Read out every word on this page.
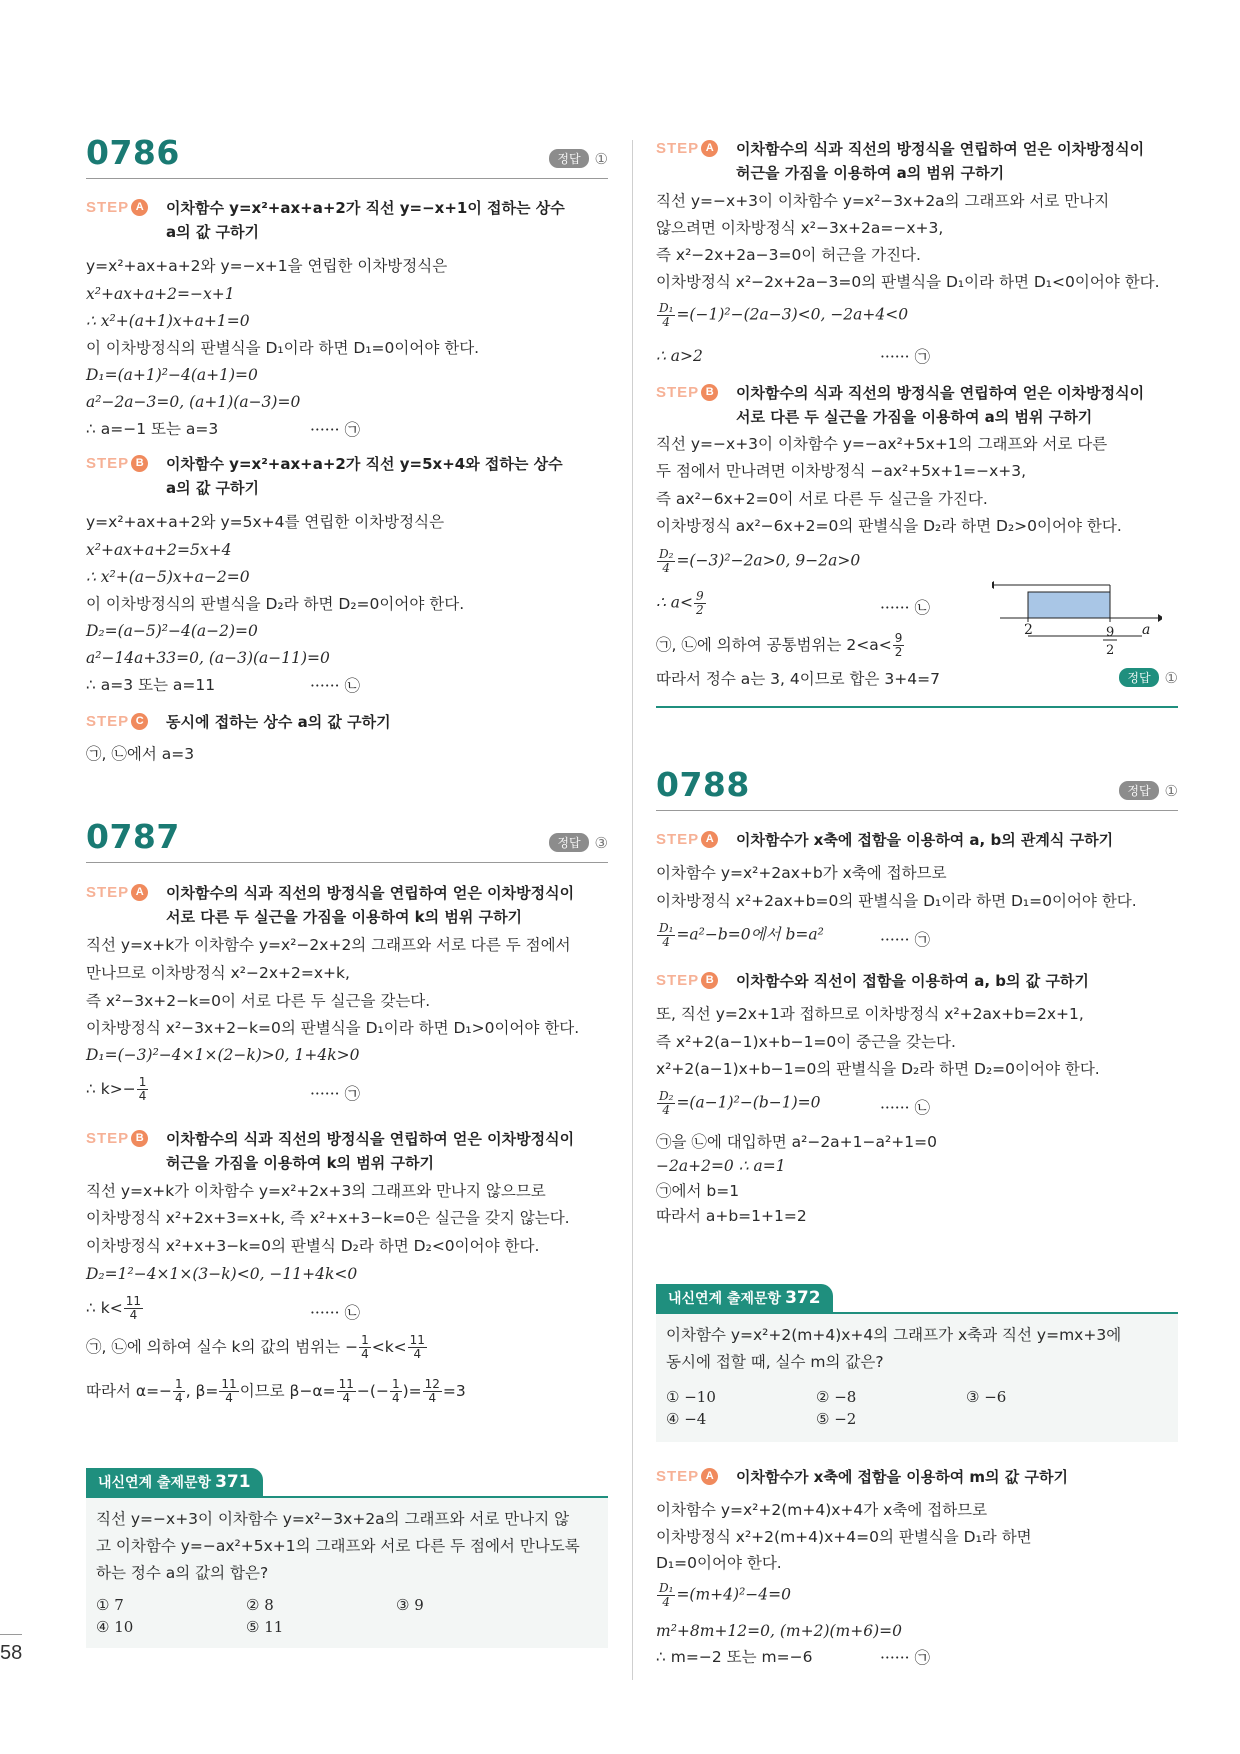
58
0786	정답 ①
STEP A	이차함수 y=x²+ax+a+2가 직선 y=−x+1이 접하는 상수
a의 값 구하기
y=x²+ax+a+2와 y=−x+1을 연립한 이차방정식은
x²+ax+a+2=−x+1
∴ x²+(a+1)x+a+1=0
이 이차방정식의 판별식을 D₁이라 하면 D₁=0이어야 한다.
D₁=(a+1)²−4(a+1)=0
a²−2a−3=0, (a+1)(a−3)=0
∴ a=−1 또는 a=3	······ ㉠
STEP B	이차함수 y=x²+ax+a+2가 직선 y=5x+4와 접하는 상수
a의 값 구하기
y=x²+ax+a+2와 y=5x+4를 연립한 이차방정식은
x²+ax+a+2=5x+4
∴ x²+(a−5)x+a−2=0
이 이차방정식의 판별식을 D₂라 하면 D₂=0이어야 한다.
D₂=(a−5)²−4(a−2)=0
a²−14a+33=0, (a−3)(a−11)=0
∴ a=3 또는 a=11	······ ㉡
STEP C	동시에 접하는 상수 a의 값 구하기
㉠, ㉡에서 a=3
0787	정답 ③
STEP A	이차함수의 식과 직선의 방정식을 연립하여 얻은 이차방정식이
서로 다른 두 실근을 가짐을 이용하여 k의 범위 구하기
직선 y=x+k가 이차함수 y=x²−2x+2의 그래프와 서로 다른 두 점에서
만나므로 이차방정식 x²−2x+2=x+k,
즉 x²−3x+2−k=0이 서로 다른 두 실근을 갖는다.
이차방정식 x²−3x+2−k=0의 판별식을 D₁이라 하면 D₁>0이어야 한다.
D₁=(−3)²−4×1×(2−k)>0, 1+4k>0
∴ $k>- \frac{1}{4}$	······ ㉠
STEP B	이차함수의 식과 직선의 방정식을 연립하여 얻은 이차방정식이
허근을 가짐을 이용하여 k의 범위 구하기
직선 y=x+k가 이차함수 y=x²+2x+3의 그래프와 만나지 않으므로
이차방정식 x²+2x+3=x+k, 즉 x²+x+3−k=0은 실근을 갖지 않는다.
이차방정식 x²+x+3−k=0의 판별식 D₂라 하면 D₂<0이어야 한다.
D₂=1²−4×1×(3−k)<0, −11+4k<0
∴ $k< \frac{11}{4}$	······ ㉡
㉠, ㉡에 의하여 실수 k의 값의 범위는 − $\frac{1}{4} <k< \frac{11}{4}$
따라서 $\alpha=- \frac{1}{4}$ , $\beta= \frac{11}{4}$ 이므로 $\beta-\alpha= \frac{11}{4}$ −(− $\frac{1}{4}$ )= $\frac{12}{4} =3$
내신연계 출제문항 371
직선 y=−x+3이 이차함수 y=x²−3x+2a의 그래프와 서로 만나지 않
고 이차함수 y=−ax²+5x+1의 그래프와 서로 다른 두 점에서 만나도록
하는 정수 a의 값의 합은?
① 7	② 8	③ 9
④ 10	⑤ 11
STEP A	이차함수의 식과 직선의 방정식을 연립하여 얻은 이차방정식이
허근을 가짐을 이용하여 a의 범위 구하기
직선 y=−x+3이 이차함수 y=x²−3x+2a의 그래프와 서로 만나지
않으려면 이차방정식 x²−3x+2a=−x+3,
즉 x²−2x+2a−3=0이 허근을 가진다.
이차방정식 x²−2x+2a−3=0의 판별식을 D₁이라 하면 D₁<0이어야 한다.
$\frac{\text{D₁}}{4} =(-1)^2-(2a-3)<0$, −2a+4<0
∴ a>2	······ ㉠
STEP B	이차함수의 식과 직선의 방정식을 연립하여 얻은 이차방정식이
서로 다른 두 실근을 가짐을 이용하여 a의 범위 구하기
직선 y=−x+3이 이차함수 y=−ax²+5x+1의 그래프와 서로 다른
두 점에서 만나려면 이차방정식 −ax²+5x+1=−x+3,
즉 ax²−6x+2=0이 서로 다른 두 실근을 가진다.
이차방정식 ax²−6x+2=0의 판별식을 D₂라 하면 D₂>0이어야 한다.
$\frac{\text{D₂}}{4} =(-3)^2-2a>0$, 9−2a>0
∴ $a< \frac{9}{2}$	······ ㉡
2	9
2
a
㉠, ㉡에 의하여 공통범위는 $2<a< \frac{9}{2}$
따라서 정수 a는 3, 4이므로 합은 3+4=7	정답 ①
0788	정답 ①
STEP A	이차함수가 x축에 접함을 이용하여 a, b의 관계식 구하기
이차함수 y=x²+2ax+b가 x축에 접하므로
이차방정식 x²+2ax+b=0의 판별식을 D₁이라 하면 D₁=0이어야 한다.
$\frac{\text{D₁}}{4} =a^2-b=0$에서 b=a²	······ ㉠
STEP B	이차함수와 직선이 접함을 이용하여 a, b의 값 구하기
또, 직선 y=2x+1과 접하므로 이차방정식 x²+2ax+b=2x+1,
즉 x²+2(a−1)x+b−1=0이 중근을 갖는다.
x²+2(a−1)x+b−1=0의 판별식을 D₂라 하면 D₂=0이어야 한다.
$\frac{\text{D₂}}{4} =(a-1)^2-(b-1)=0$	······ ㉡
㉠을 ㉡에 대입하면 a²−2a+1−a²+1=0
−2a+2=0 ∴ a=1
㉠에서 b=1
따라서 a+b=1+1=2
내신연계 출제문항 372
이차함수 y=x²+2(m+4)x+4의 그래프가 x축과 직선 y=mx+3에
동시에 접할 때, 실수 m의 값은?
① −10	② −8	③ −6
④ −4	⑤ −2
STEP A	이차함수가 x축에 접함을 이용하여 m의 값 구하기
이차함수 y=x²+2(m+4)x+4가 x축에 접하므로
이차방정식 x²+2(m+4)x+4=0의 판별식을 D₁라 하면
D₁=0이어야 한다.
$\frac{\text{D₁}}{4} =(m+4)^2-4=0$
m²+8m+12=0, (m+2)(m+6)=0
∴ m=−2 또는 m=−6	······ ㉠
